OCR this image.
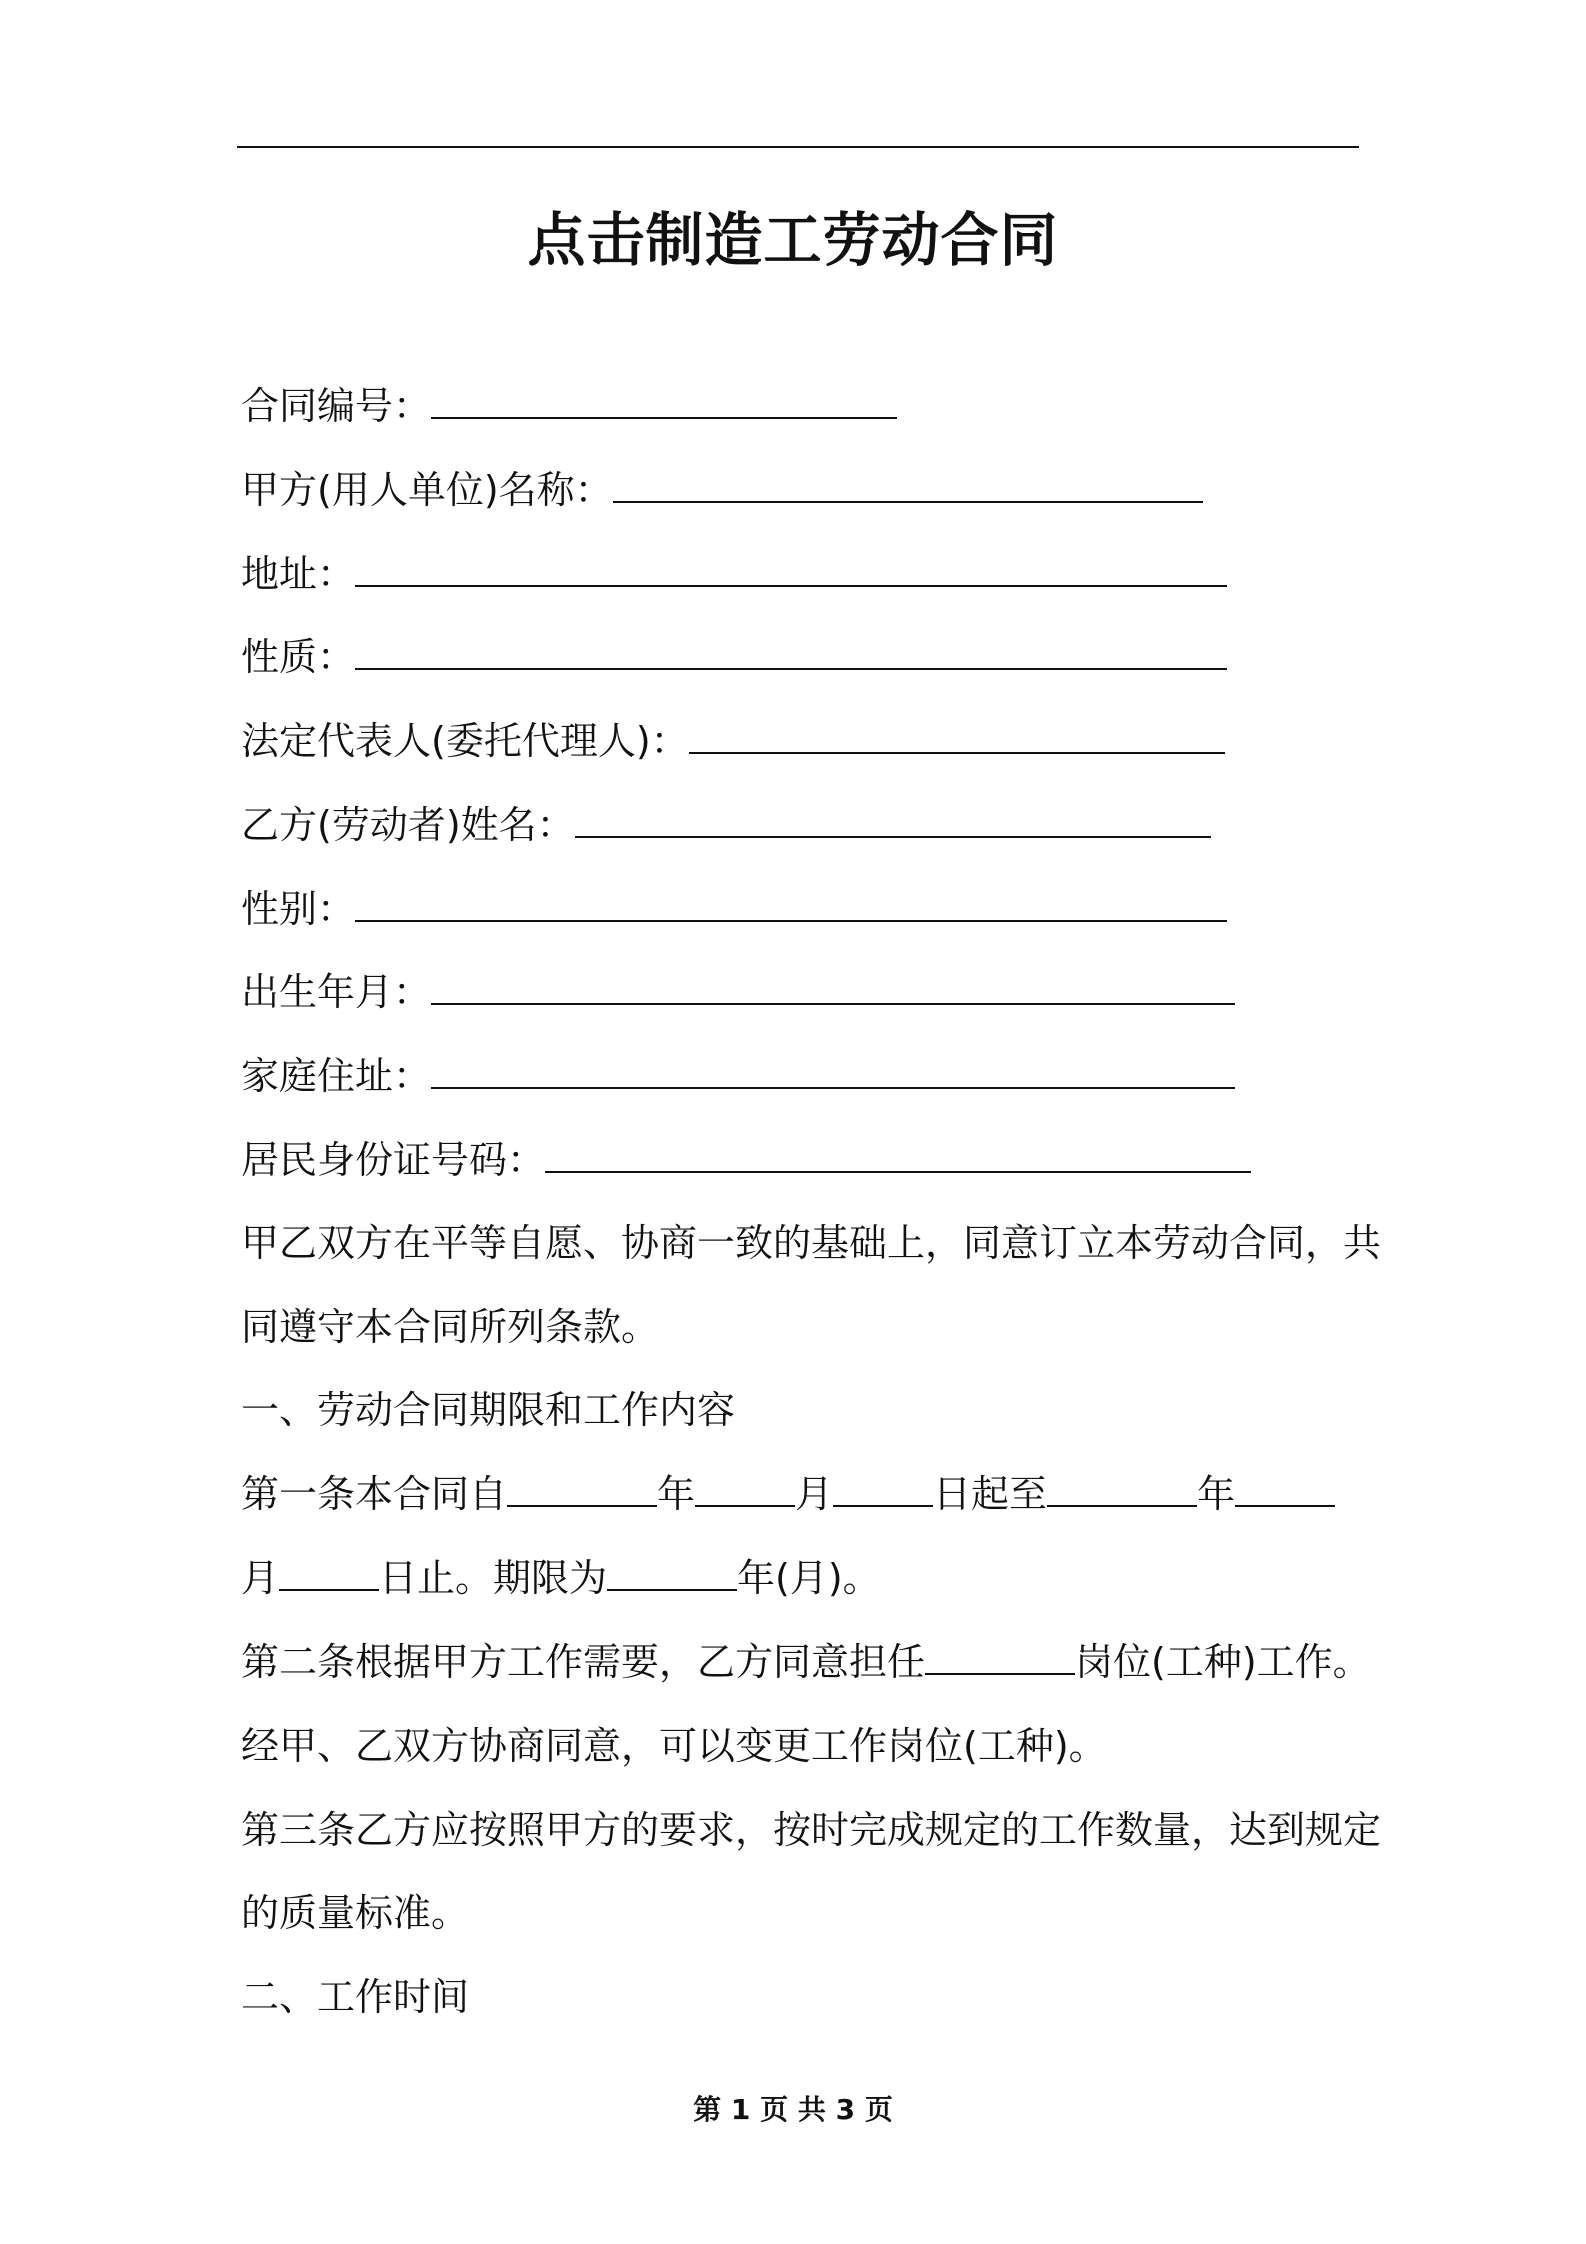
点击制造工劳动合同
合同编号：
甲方(用人单位)名称：
地址：
性质：
法定代表人(委托代理人)：
乙方(劳动者)姓名：
性别：
出生年月：
家庭住址：
居民身份证号码：
甲乙双方在平等自愿、协商一致的基础上，同意订立本劳动合同，共
同遵守本合同所列条款。
一、劳动合同期限和工作内容
第一条本合同自	年	月	日起至	年
月	日止。期限为	年(月)。
第二条根据甲方工作需要，乙方同意担任	岗位(工种)工作。
经甲、乙双方协商同意，可以变更工作岗位(工种)。
第三条乙方应按照甲方的要求，按时完成规定的工作数量，达到规定
的质量标准。
二、工作时间
第 1 页 共 3 页
